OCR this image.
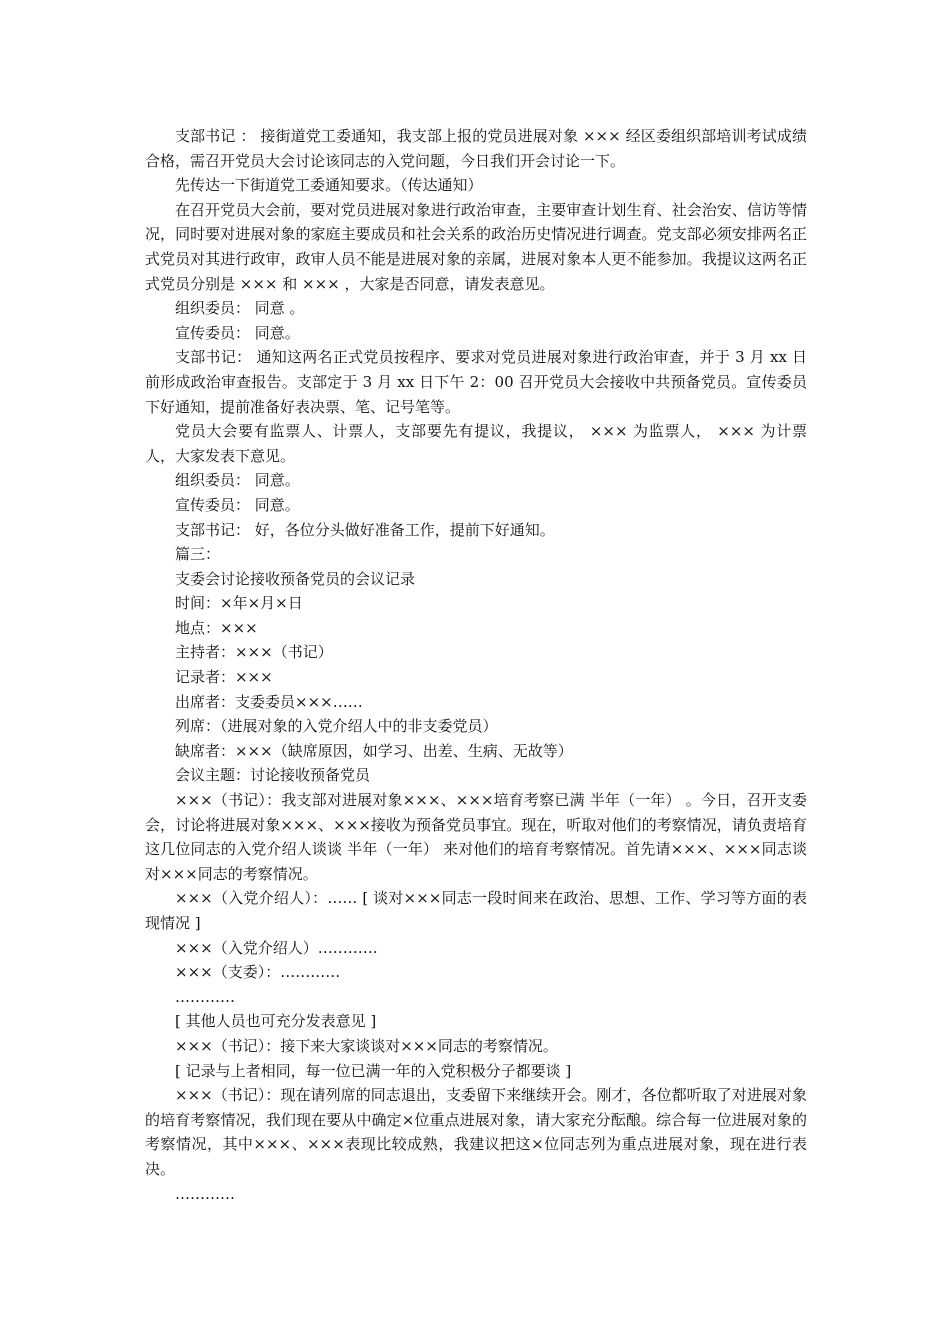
支部书记 ： 接街道党工委通知，我支部上报的党员进展对象 ××× 经区委组织部培训考试成绩合格，需召开党员大会讨论该同志的入党问题，今日我们开会讨论一下。

先传达一下街道党工委通知要求。（传达通知）

在召开党员大会前，要对党员进展对象进行政治审查，主要审查计划生育、社会治安、信访等情况，同时要对进展对象的家庭主要成员和社会关系的政治历史情况进行调查。党支部必须安排两名正式党员对其进行政审，政审人员不能是进展对象的亲属，进展对象本人更不能参加。我提议这两名正式党员分别是 ××× 和 ××× ，大家是否同意，请发表意见。

组织委员： 同意 。

宣传委员： 同意。

支部书记： 通知这两名正式党员按程序、要求对党员进展对象进行政治审查，并于 3 月 xx 日前形成政治审查报告。支部定于 3 月 xx 日下午 2：00 召开党员大会接收中共预备党员。宣传委员下好通知，提前准备好表决票、笔、记号笔等。

党员大会要有监票人、计票人，支部要先有提议，我提议， ××× 为监票人， ××× 为计票人，大家发表下意见。

组织委员： 同意。

宣传委员： 同意。

支部书记： 好，各位分头做好准备工作，提前下好通知。

篇三：

支委会讨论接收预备党员的会议记录

时间：×年×月×日

地点：×××

主持者：×××（书记）

记录者：×××

出席者：支委委员×××……

列席：（进展对象的入党介绍人中的非支委党员）

缺席者：×××（缺席原因，如学习、出差、生病、无故等）

会议主题：讨论接收预备党员

×××（书记）：我支部对进展对象×××、×××培育考察已满 半年（一年） 。今日，召开支委会，讨论将进展对象×××、×××接收为预备党员事宜。现在，听取对他们的考察情况，请负责培育这几位同志的入党介绍人谈谈 半年（一年） 来对他们的培育考察情况。首先请×××、×××同志谈对×××同志的考察情况。

×××（入党介绍人）：…… [ 谈对×××同志一段时间来在政治、思想、工作、学习等方面的表现情况 ]

×××（入党介绍人）…………

×××（支委）：…………

…………

[ 其他人员也可充分发表意见 ]

×××（书记）：接下来大家谈谈对×××同志的考察情况。

[ 记录与上者相同，每一位已满一年的入党积极分子都要谈 ]

×××（书记）：现在请列席的同志退出，支委留下来继续开会。刚才，各位都听取了对进展对象的培育考察情况，我们现在要从中确定×位重点进展对象，请大家充分酝酿。综合每一位进展对象的考察情况，其中×××、×××表现比较成熟，我建议把这×位同志列为重点进展对象，现在进行表决。

…………
